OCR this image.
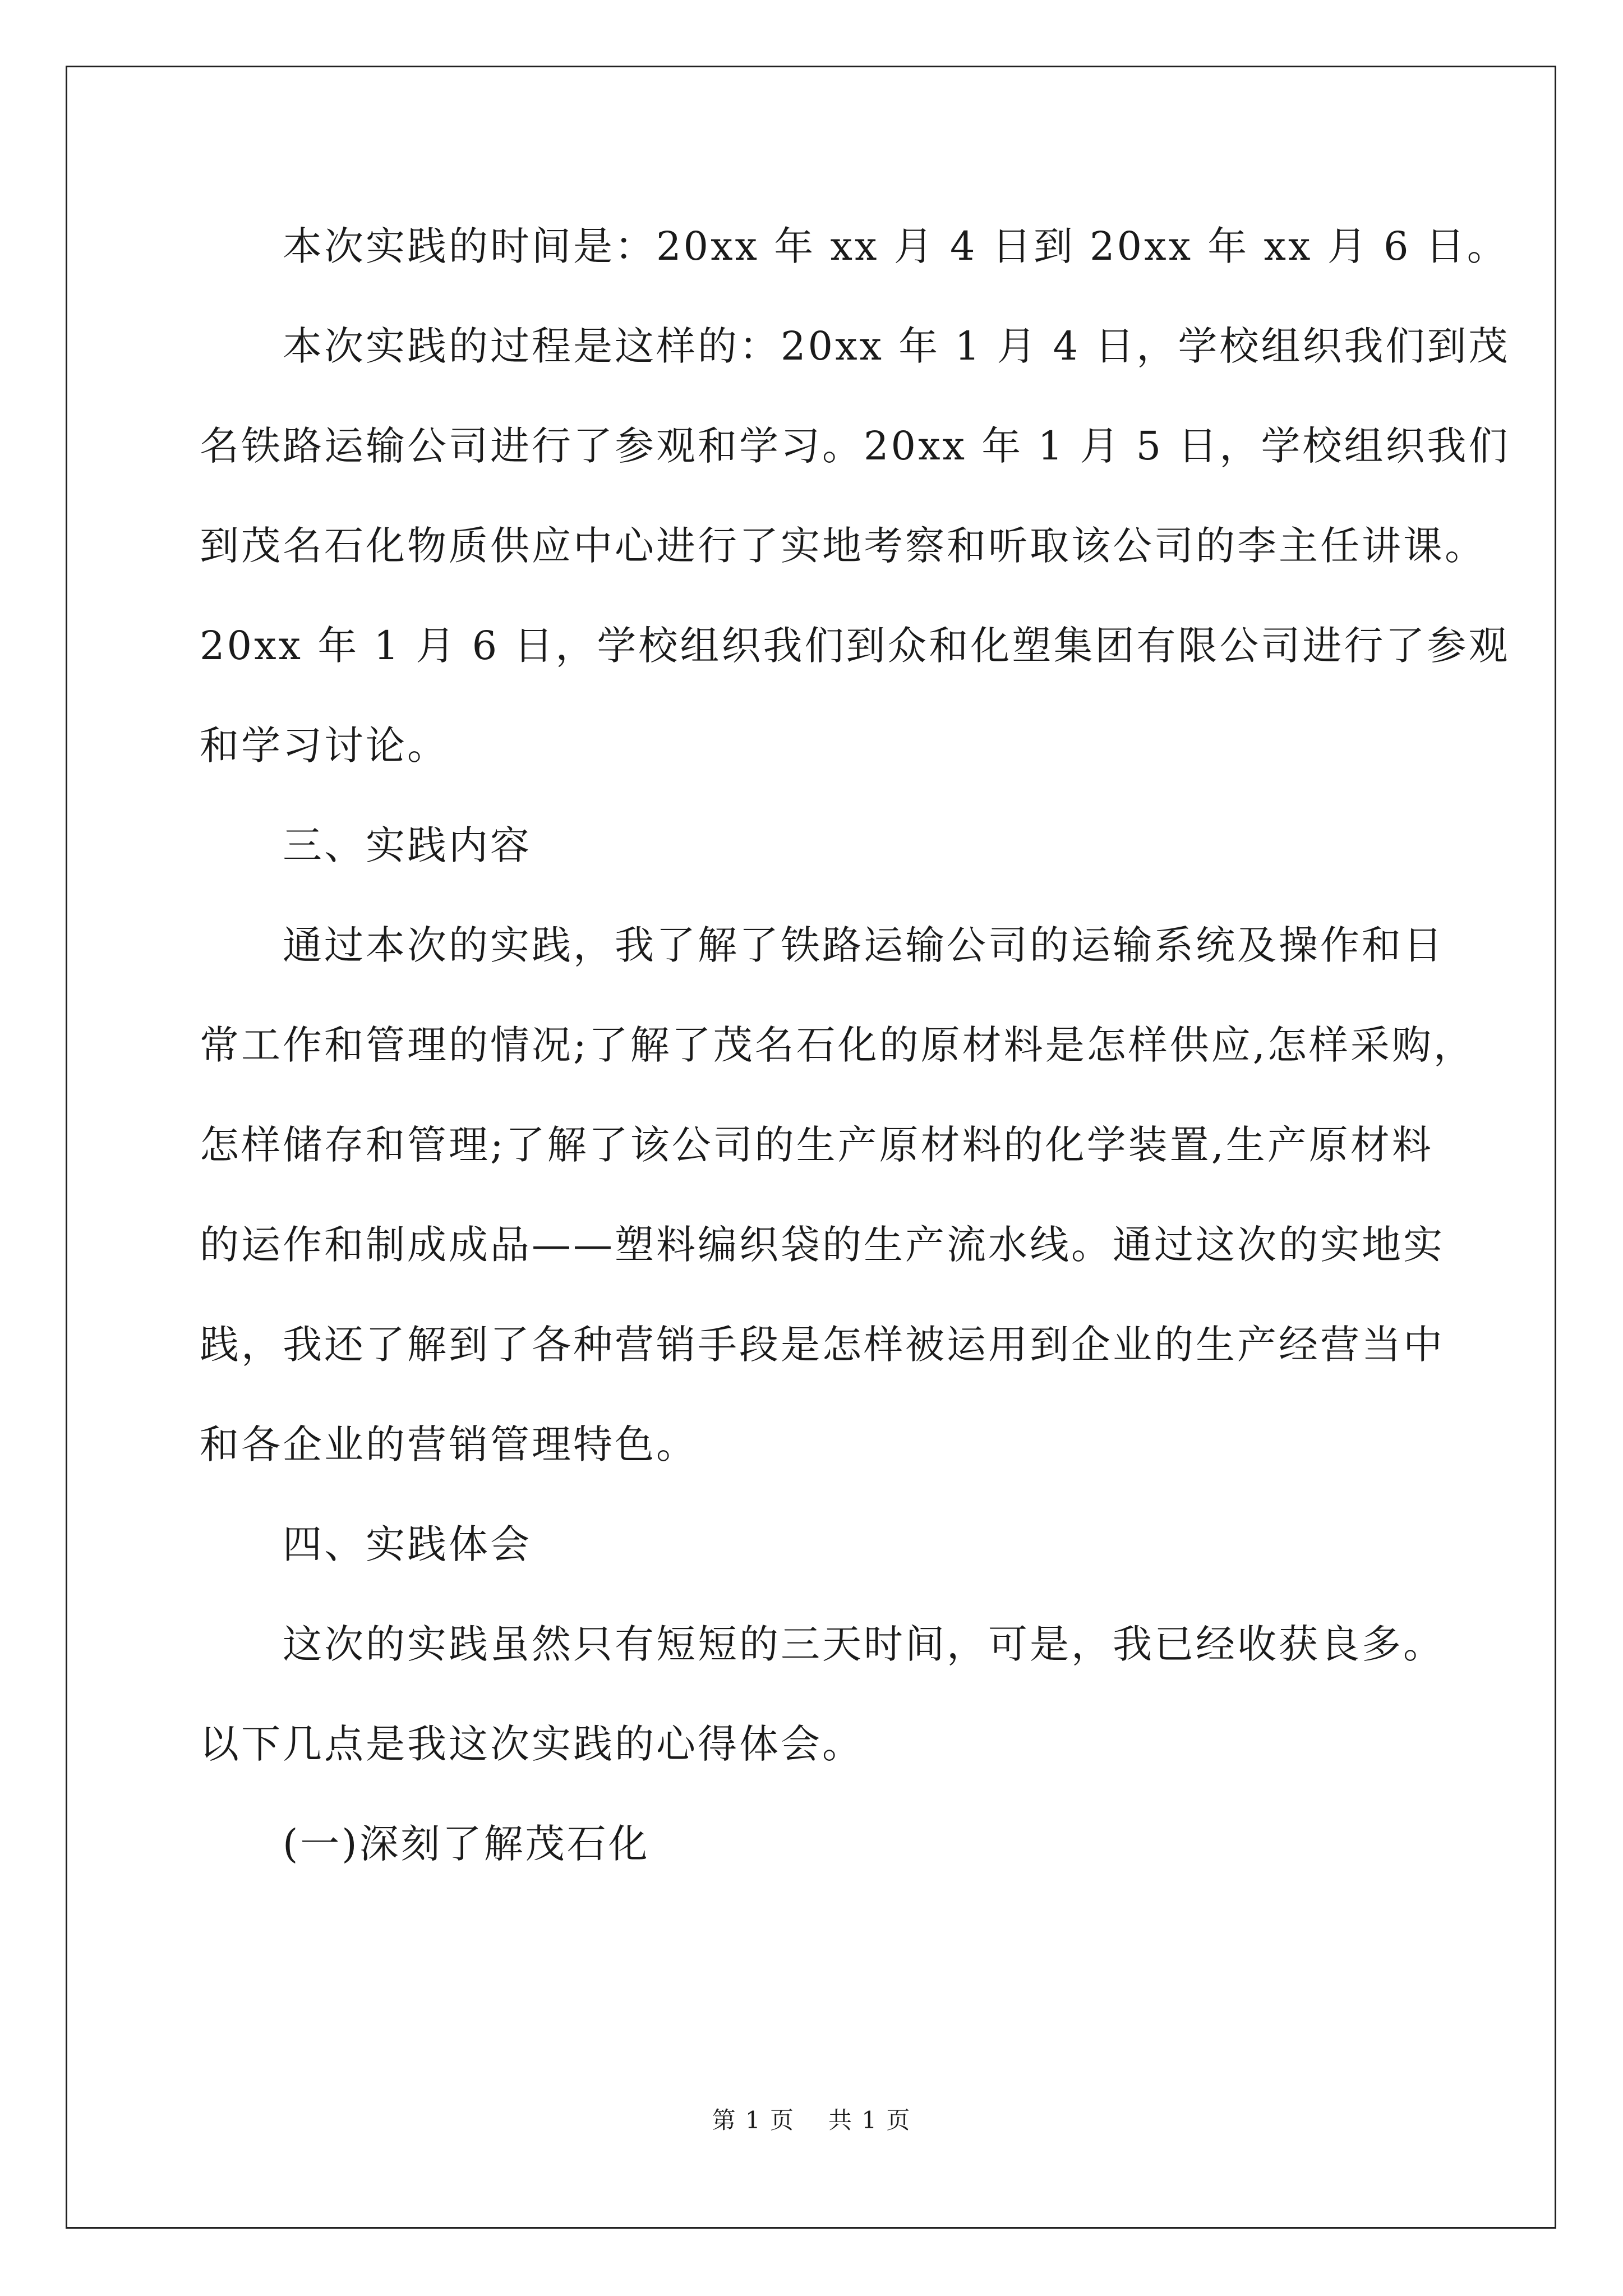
本次实践的时间是：20xx 年 xx 月 4 日到 20xx 年 xx 月 6 日。
本次实践的过程是这样的：20xx 年 1 月 4 日，学校组织我们到茂
名铁路运输公司进行了参观和学习。20xx 年 1 月 5 日，学校组织我们
到茂名石化物质供应中心进行了实地考察和听取该公司的李主任讲课。
20xx 年 1 月 6 日，学校组织我们到众和化塑集团有限公司进行了参观
和学习讨论。
三、实践内容
通过本次的实践，我了解了铁路运输公司的运输系统及操作和日
常工作和管理的情况;了解了茂名石化的原材料是怎样供应,怎样采购，
怎样储存和管理;了解了该公司的生产原材料的化学装置,生产原材料
的运作和制成成品——塑料编织袋的生产流水线。通过这次的实地实
践，我还了解到了各种营销手段是怎样被运用到企业的生产经营当中
和各企业的营销管理特色。
四、实践体会
这次的实践虽然只有短短的三天时间，可是，我已经收获良多。
以下几点是我这次实践的心得体会。
(一)深刻了解茂石化

第 1 页 共 1 页
